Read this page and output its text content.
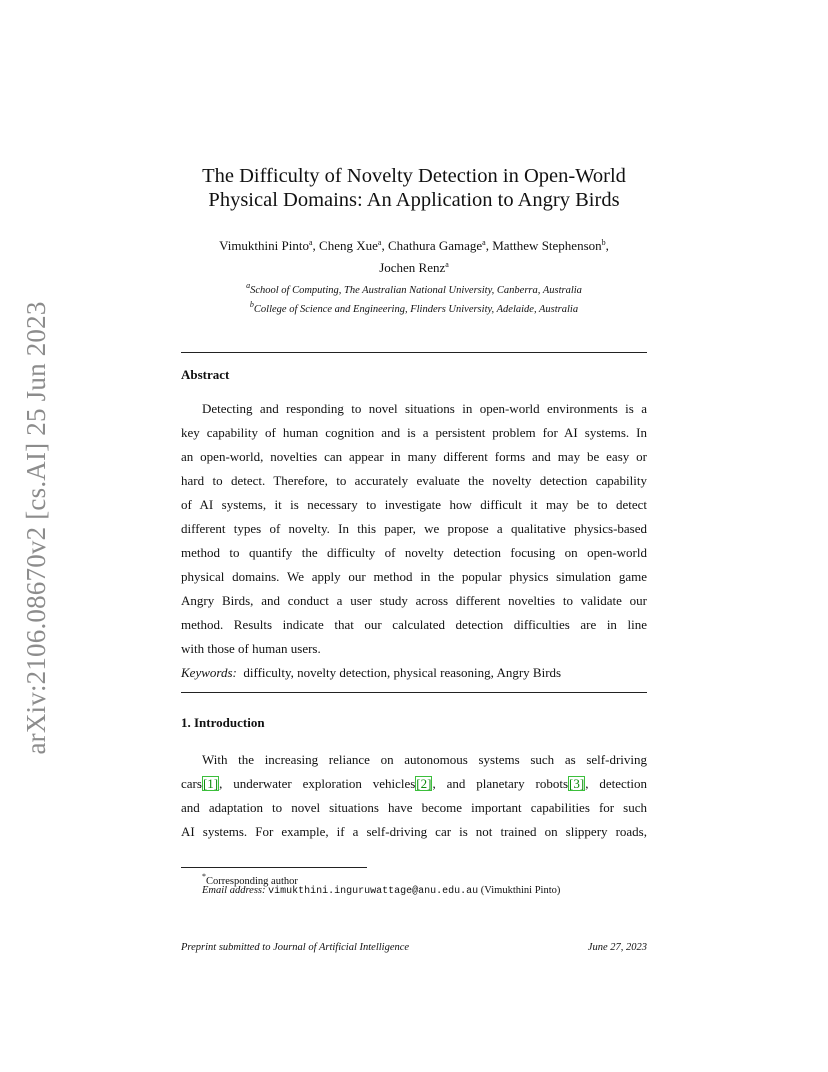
arXiv:2106.08670v2 [cs.AI] 25 Jun 2023
The Difficulty of Novelty Detection in Open-World
Physical Domains: An Application to Angry Birds
Vimukthini Pinto$^a$, Cheng Xue$^a$, Chathura Gamage$^a$, Matthew Stephenson$^b$,
Jochen Renz$^a$
$^a$School of Computing, The Australian National University, Canberra, Australia
$^b$College of Science and Engineering, Flinders University, Adelaide, Australia
Abstract
Detecting and responding to novel situations in open-world environments is a
key capability of human cognition and is a persistent problem for AI systems. In
an open-world, novelties can appear in many different forms and may be easy or
hard to detect. Therefore, to accurately evaluate the novelty detection capability
of AI systems, it is necessary to investigate how difficult it may be to detect
different types of novelty. In this paper, we propose a qualitative physics-based
method to quantify the difficulty of novelty detection focusing on open-world
physical domains. We apply our method in the popular physics simulation game
Angry Birds, and conduct a user study across different novelties to validate our
method. Results indicate that our calculated detection difficulties are in line
with those of human users.
Keywords: difficulty, novelty detection, physical reasoning, Angry Birds
1. Introduction
With the increasing reliance on autonomous systems such as self-driving
cars[1], underwater exploration vehicles[2], and planetary robots[3], detection
and adaptation to novel situations have become important capabilities for such
AI systems. For example, if a self-driving car is not trained on slippery roads,
*Corresponding author
Email address: vimukthini.inguruwattage@anu.edu.au (Vimukthini Pinto)
Preprint submitted to Journal of Artificial Intelligence	June 27, 2023
